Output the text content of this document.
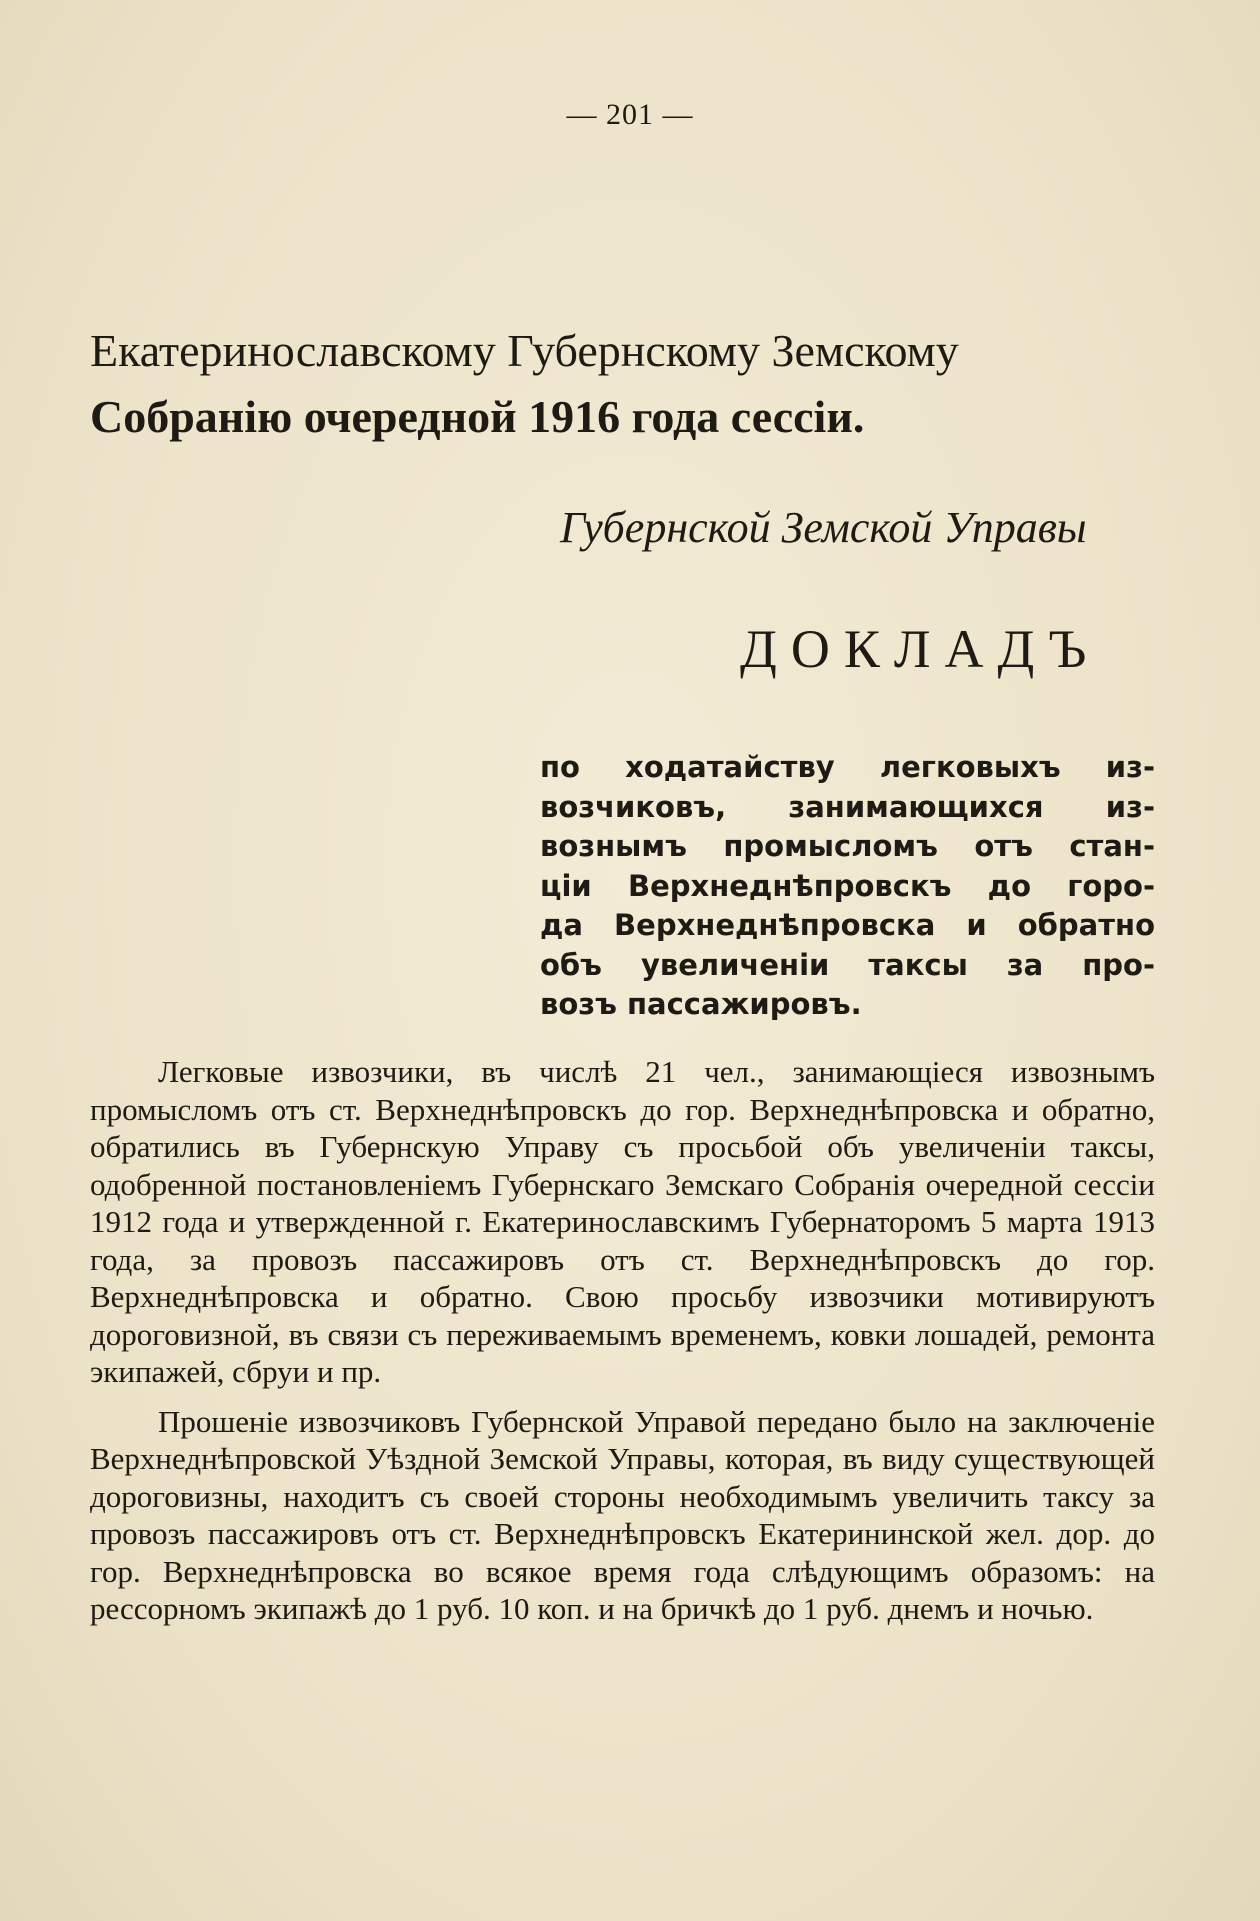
— 201 —
Екатеринославскому Губернскому Земскому
Собранію очередной 1916 года сессіи.
Губернской Земской Управы
ДОКЛАДЪ
по ходатайству легковыхъ из-
возчиковъ, занимающихся из-
вознымъ промысломъ отъ стан-
ціи Верхнеднѣпровскъ до горо-
да Верхнеднѣпровска и обратно
объ увеличеніи таксы за про-
возъ пассажировъ.

Легковые извозчики, въ числѣ 21 чел., занимающіеся извознымъ промысломъ отъ ст. Верхнеднѣпровскъ до гор. Верхнеднѣпровска и обратно, обратились въ Губернскую Управу съ просьбой объ увеличеніи таксы, одобренной постановленіемъ Губернскаго Земскаго Собранія очередной сессіи 1912 года и утвержденной г. Екатеринославскимъ Губернаторомъ 5 марта 1913 года, за провозъ пассажировъ отъ ст. Верхнеднѣпровскъ до гор. Верхнеднѣпровска и обратно. Свою просьбу извозчики мотивируютъ дороговизной, въ связи съ переживаемымъ временемъ, ковки лошадей, ремонта экипажей, сбруи и пр.

Прошеніе извозчиковъ Губернской Управой передано было на заключеніе Верхнеднѣпровской Уѣздной Земской Управы, которая, въ виду существующей дороговизны, находитъ съ своей стороны необходимымъ увеличить таксу за провозъ пассажировъ отъ ст. Верхнеднѣпровскъ Екатерининской жел. дор. до гор. Верхнеднѣпровска во всякое время года слѣдующимъ образомъ: на рессорномъ экипажѣ до 1 руб. 10 коп. и на бричкѣ до 1 руб. днемъ и ночью.
